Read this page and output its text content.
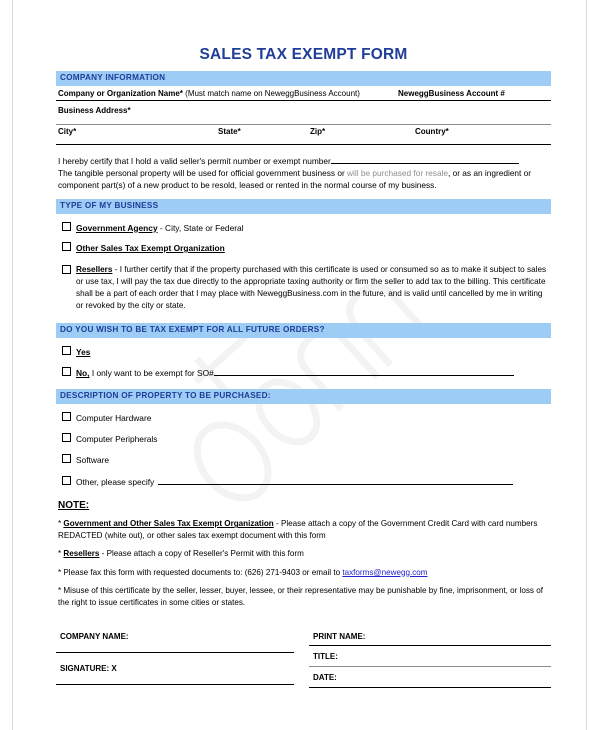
SALES TAX EXEMPT FORM
COMPANY INFORMATION
Company or Organization Name* (Must match name on NeweggBusiness Account)	NeweggBusiness Account #
Business Address*
City*	State*	Zip*	Country*
I hereby certify that I hold a valid seller's permit number or exempt number
The tangible personal property will be used for official government business or will be purchased for resale, or as an ingredient or component part(s) of a new product to be resold, leased or rented in the normal course of my business.
TYPE OF MY BUSINESS
Government Agency - City, State or Federal
Other Sales Tax Exempt Organization
Resellers - I further certify that if the property purchased with this certificate is used or consumed so as to make it subject to sales or use tax, I will pay the tax due directly to the appropriate taxing authority or firm the seller to add tax to the billing. This certificate shall be a part of each order that I may place with NeweggBusiness.com in the future, and is valid until cancelled by me in writing or revoked by the city or state.
DO YOU WISH TO BE TAX EXEMPT FOR ALL FUTURE ORDERS?
Yes
No, I only want to be exempt for SO#
DESCRIPTION OF PROPERTY TO BE PURCHASED:
Computer Hardware
Computer Peripherals
Software
Other, please specify
NOTE:
* Government and Other Sales Tax Exempt Organization - Please attach a copy of the Government Credit Card with card numbers REDACTED (white out), or other sales tax exempt document with this form
* Resellers - Please attach a copy of Reseller's Permit with this form
* Please fax this form with requested documents to: (626) 271-9403 or email to taxforms@newegg.com
* Misuse of this certificate by the seller, lesser, buyer, lessee, or their representative may be punishable by fine, imprisonment, or loss of the right to issue certificates in some cities or states.
COMPANY NAME:
SIGNATURE: X
PRINT NAME:
TITLE:
DATE:
